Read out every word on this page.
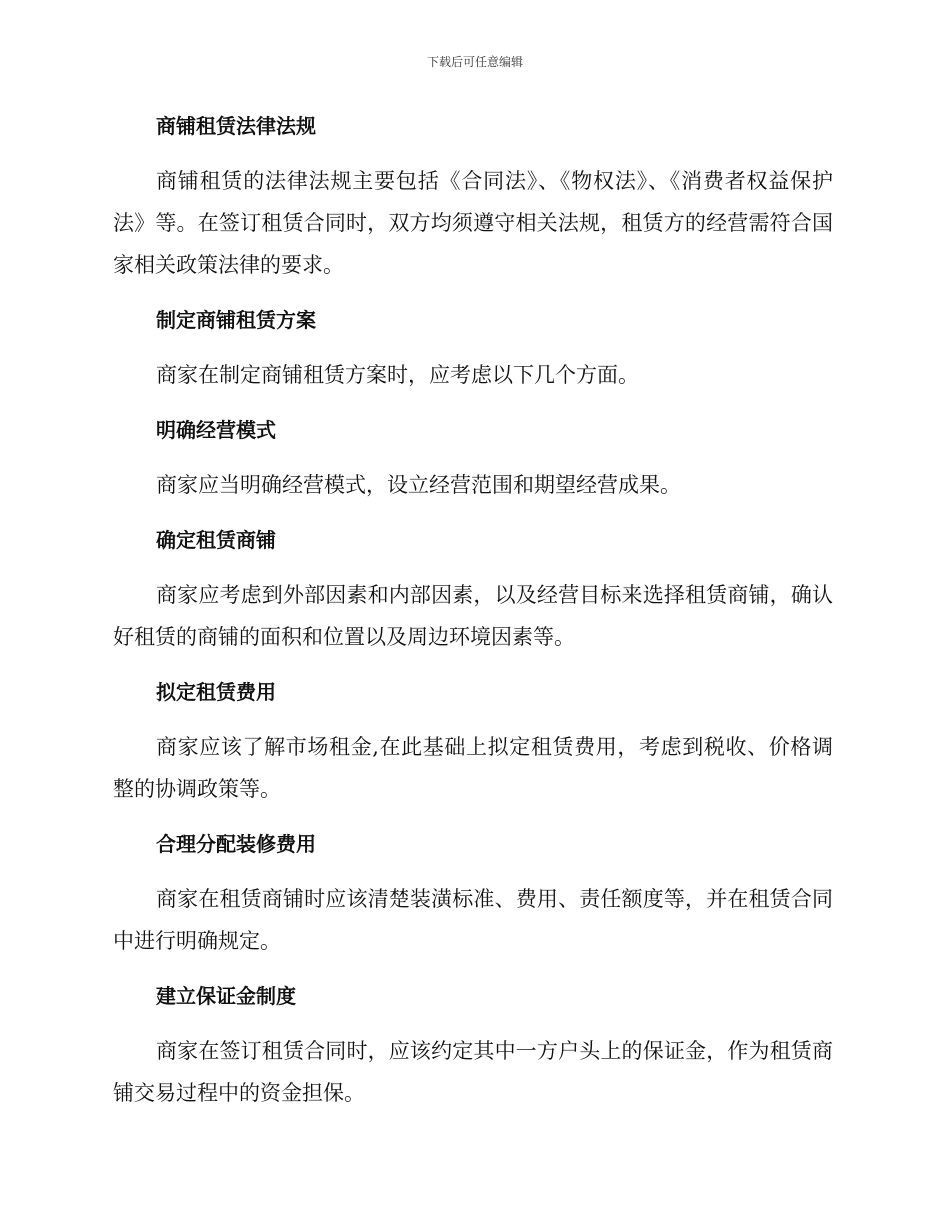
下载后可任意编辑
商铺租赁法律法规

商铺租赁的法律法规主要包括《合同法》、《物权法》、《消费者权益保护法》等。在签订租赁合同时，双方均须遵守相关法规，租赁方的经营需符合国家相关政策法律的要求。

制定商铺租赁方案

商家在制定商铺租赁方案时，应考虑以下几个方面。

明确经营模式

商家应当明确经营模式，设立经营范围和期望经营成果。

确定租赁商铺

商家应考虑到外部因素和内部因素，以及经营目标来选择租赁商铺，确认好租赁的商铺的面积和位置以及周边环境因素等。

拟定租赁费用

商家应该了解市场租金,在此基础上拟定租赁费用，考虑到税收、价格调整的协调政策等。

合理分配装修费用

商家在租赁商铺时应该清楚装潢标准、费用、责任额度等，并在租赁合同中进行明确规定。

建立保证金制度

商家在签订租赁合同时，应该约定其中一方户头上的保证金，作为租赁商铺交易过程中的资金担保。
